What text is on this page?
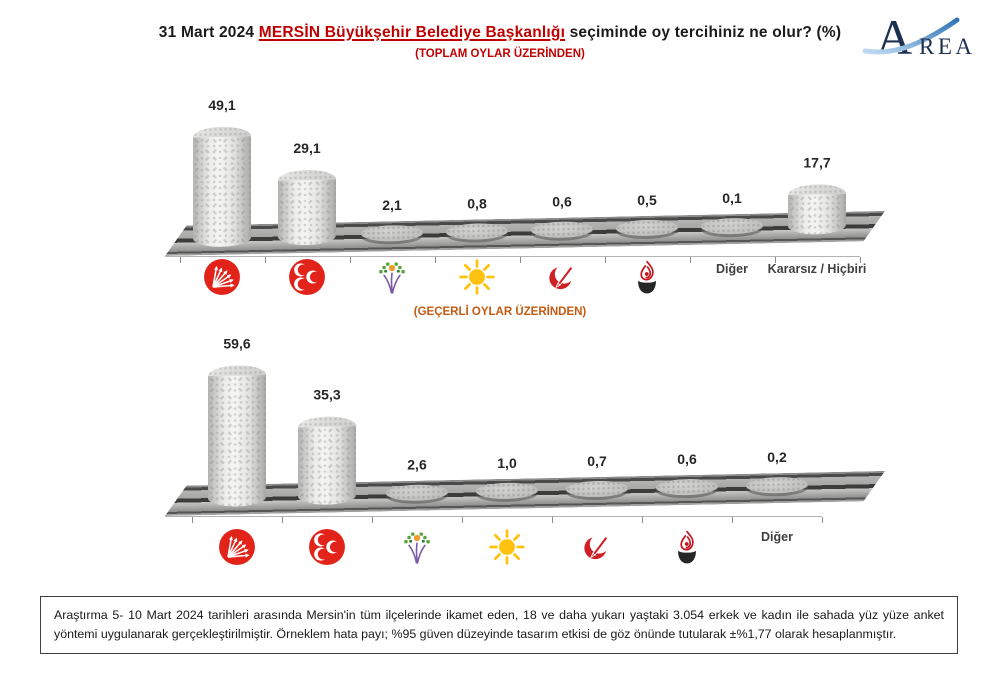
31 Mart 2024 MERSİN Büyükşehir Belediye Başkanlığı seçiminde oy tercihiniz ne olur? (%)
(TOPLAM OYLAR ÜZERİNDEN)	A REA
49,1
29,1
2,1	0,8	0,6	0,5	0,1
17,7
Diğer	Kararsız / Hiçbiri
(GEÇERLİ OYLAR ÜZERİNDEN)
59,6
35,3
2,6	1,0	0,7	0,6	0,2
Diğer

Araştırma 5- 10 Mart 2024 tarihleri arasında Mersin'in tüm ilçelerinde ikamet eden, 18 ve daha yukarı yaştaki 3.054 erkek ve kadın ile sahada yüz yüze anket yöntemi uygulanarak gerçekleştirilmiştir. Örneklem hata payı; %95 güven düzeyinde tasarım etkisi de göz önünde tutularak ±%1,77 olarak hesaplanmıştır.
